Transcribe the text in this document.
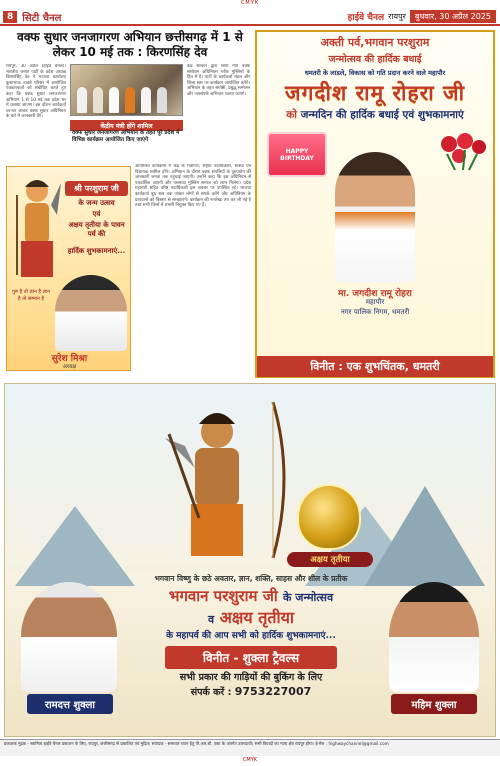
CMYK
8 सिटी चैनल	हाईवे चैनल रायपुर	बुधवार, 30 अप्रैल 2025
वक्फ सुधार जनजागरण अभियान छत्तीसगढ़ में 1 से लेकर 10 मई तक : किरणसिंह देव
रायपुर, 30 अप्रैल (हाईवे चैनल)। भारतीय जनता पार्टी के प्रदेश अध्यक्ष किरणसिंह देव ने भाजपा कार्यालय कुशाभाऊ ठाकरे परिसर में आयोजित पत्रकारवार्ता को संबोधित करते हुए कहा कि वक्फ सुधार जनजागरण अभियान 1 से 10 मई तक प्रदेश भर में चलाया जाएगा। इस दौरान कार्यकर्ता घर-घर जाकर वक्फ सुधार अधिनियम के बारे में जानकारी देंगे।
केंद्र सरकार द्वारा लाया गया वक्फ संशोधन अधिनियम गरीब मुस्लिमों के हित में है। पार्टी के कार्यकर्ता मंडल और जिला स्तर पर कार्यक्रम आयोजित करेंगे। अभियान के तहत संगोष्ठी, प्रबुद्ध सम्मेलन और जनसंपर्क अभियान चलाए जाएंगे।
केंद्रीय मंत्री होंगे शामिल
वक्फ सुधार जनजागरण अभियान के तहत पूरे प्रदेश में विभिन्न कार्यक्रम आयोजित किए जाएंगे
आयोजित कार्यक्रमों में केंद्र के मंत्रीगण, राष्ट्रीय पदाधिकारी, सांसद एवं विधायक शामिल होंगे। अभियान के दौरान वक्फ संपत्तियों के दुरुपयोग की जानकारी जनता तक पहुंचाई जाएगी। उन्होंने कहा कि इस अधिनियम से पारदर्शिता आएगी और पसमांदा मुस्लिम समाज को लाभ मिलेगा। प्रदेश महामंत्री सहित वरिष्ठ पदाधिकारी इस अवसर पर उपस्थित रहे। भाजपा कार्यकर्ता बूथ स्तर तक जाकर लोगों से संपर्क करेंगे और अधिनियम के प्रावधानों को विस्तार से समझाएंगे। कार्यक्रम की रूपरेखा तय कर ली गई है तथा सभी जिलों में प्रभारी नियुक्त किए गए हैं।
श्री परशुराम जी
के जन्म उत्सव
एवं
अक्षय तृतीया के पावन पर्व की
हार्दिक शुभकामनाएं...
गुरु है तो ज्ञान है ज्ञान है तो सम्मान है
सुरेश मिश्रा
अध्यक्ष
अक्ती पर्व,भगवान परशुराम
जन्मोत्सव की हार्दिक बधाई
धमतरी के लाडले, विकास को गति प्रदान करने वाले महापौर
जगदीश रामू रोहरा जी
को जन्मदिन की हार्दिक बधाई एवं शुभकामनाएं
HAPPY BIRTHDAY
मा. जगदीश रामू रोहरा
महापौर
नगर पालिक निगम, धमतरी
विनीत : एक शुभचिंतक, धमतरी
अक्षय तृतीया
भगवान विष्णु के छठे अवतार, ज्ञान, शक्ति, साहस और शील के प्रतीक
भगवान परशुराम जी के जन्मोत्सव
व अक्षय तृतीया
के महापर्व की आप सभी को हार्दिक शुभकामनाएं...
विनीत - शुक्ला ट्रैवल्स
सभी प्रकार की गाड़ियों की बुकिंग के लिए
संपर्क करें : 9753227007
रामदत्त शुक्ला	महिम शुक्ला
प्रकाशक मुद्रक - स्वामित्व हाईवे चैनल प्रकाशन के लिए, रायपुर, छत्तीसगढ़ से प्रकाशित एवं मुद्रित। संपादक - समाचार चयन हेतु पी.आर.बी. एक्ट के अंतर्गत उत्तरदायी। सभी विवादों का न्याय क्षेत्र रायपुर होगा। ई-मेल : highwaychannel@gmail.com
CMYK
